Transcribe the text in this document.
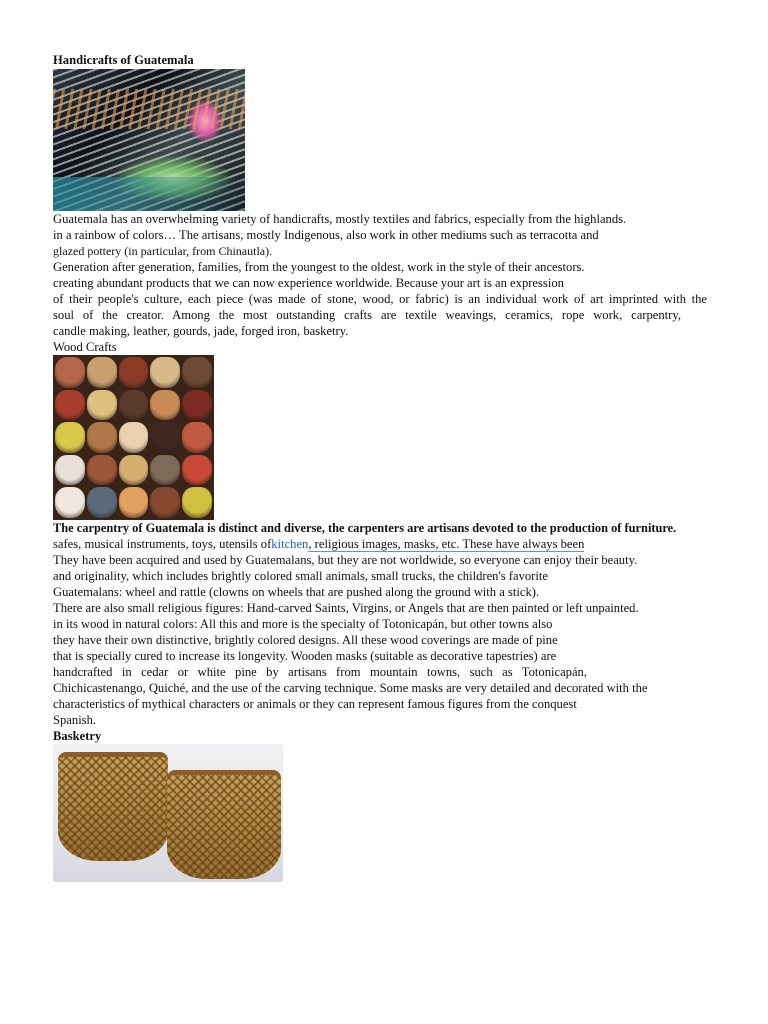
Handicrafts of Guatemala
Guatemala has an overwhelming variety of handicrafts, mostly textiles and fabrics, especially from the highlands.
in a rainbow of colors… The artisans, mostly Indigenous, also work in other mediums such as terracotta and
glazed pottery (in particular, from Chinautla).
Generation after generation, families, from the youngest to the oldest, work in the style of their ancestors.
creating abundant products that we can now experience worldwide. Because your art is an expression
of their people's culture, each piece (was made of stone, wood, or fabric) is an individual work of art imprinted with the
soul of the creator. Among the most outstanding crafts are textile weavings, ceramics, rope work, carpentry,
candle making, leather, gourds, jade, forged iron, basketry.
Wood Crafts
The carpentry of Guatemala is distinct and diverse, the carpenters are artisans devoted to the production of furniture.
safes, musical instruments, toys, utensils ofkitchen, religious images, masks, etc. These have always been
They have been acquired and used by Guatemalans, but they are not worldwide, so everyone can enjoy their beauty.
and originality, which includes brightly colored small animals, small trucks, the children's favorite
Guatemalans: wheel and rattle (clowns on wheels that are pushed along the ground with a stick).
There are also small religious figures: Hand-carved Saints, Virgins, or Angels that are then painted or left unpainted.
in its wood in natural colors: All this and more is the specialty of Totonicapán, but other towns also
they have their own distinctive, brightly colored designs. All these wood coverings are made of pine
that is specially cured to increase its longevity. Wooden masks (suitable as decorative tapestries) are
handcrafted in cedar or white pine by artisans from mountain towns, such as Totonicapán,
Chichicastenango, Quiché, and the use of the carving technique. Some masks are very detailed and decorated with the
characteristics of mythical characters or animals or they can represent famous figures from the conquest
Spanish.
Basketry
